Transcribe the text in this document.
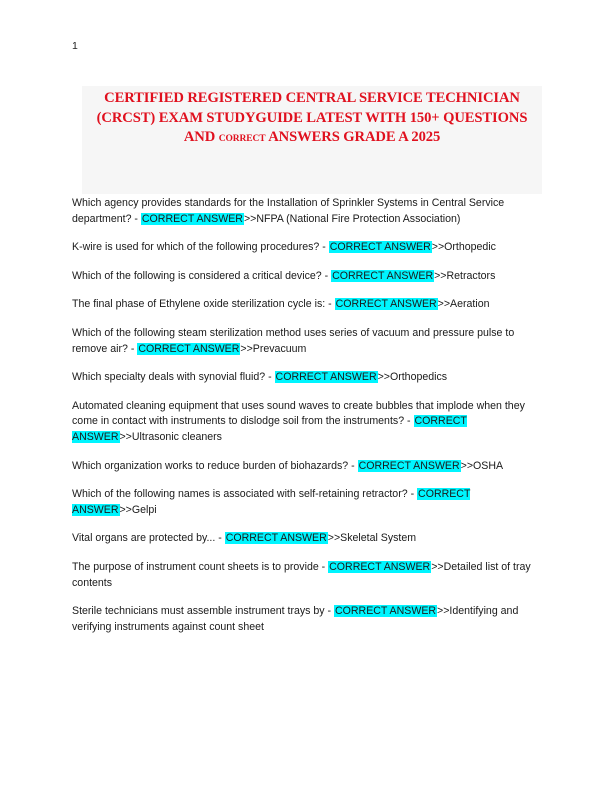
1
CERTIFIED REGISTERED CENTRAL SERVICE TECHNICIAN
(CRCST) EXAM STUDYGUIDE LATEST WITH 150+ QUESTIONS
AND CORRECT ANSWERS GRADE A 2025

Which agency provides standards for the Installation of Sprinkler Systems in Central Service department? - CORRECT ANSWER>>NFPA (National Fire Protection Association)

K-wire is used for which of the following procedures? - CORRECT ANSWER>>Orthopedic

Which of the following is considered a critical device? - CORRECT ANSWER>>Retractors

The final phase of Ethylene oxide sterilization cycle is: - CORRECT ANSWER>>Aeration

Which of the following steam sterilization method uses series of vacuum and pressure pulse to remove air? - CORRECT ANSWER>>Prevacuum

Which specialty deals with synovial fluid? - CORRECT ANSWER>>Orthopedics

Automated cleaning equipment that uses sound waves to create bubbles that implode when they come in contact with instruments to dislodge soil from the instruments? - CORRECT ANSWER>>Ultrasonic cleaners

Which organization works to reduce burden of biohazards? - CORRECT ANSWER>>OSHA

Which of the following names is associated with self-retaining retractor? - CORRECT ANSWER>>Gelpi

Vital organs are protected by... - CORRECT ANSWER>>Skeletal System

The purpose of instrument count sheets is to provide - CORRECT ANSWER>>Detailed list of tray contents

Sterile technicians must assemble instrument trays by - CORRECT ANSWER>>Identifying and verifying instruments against count sheet
